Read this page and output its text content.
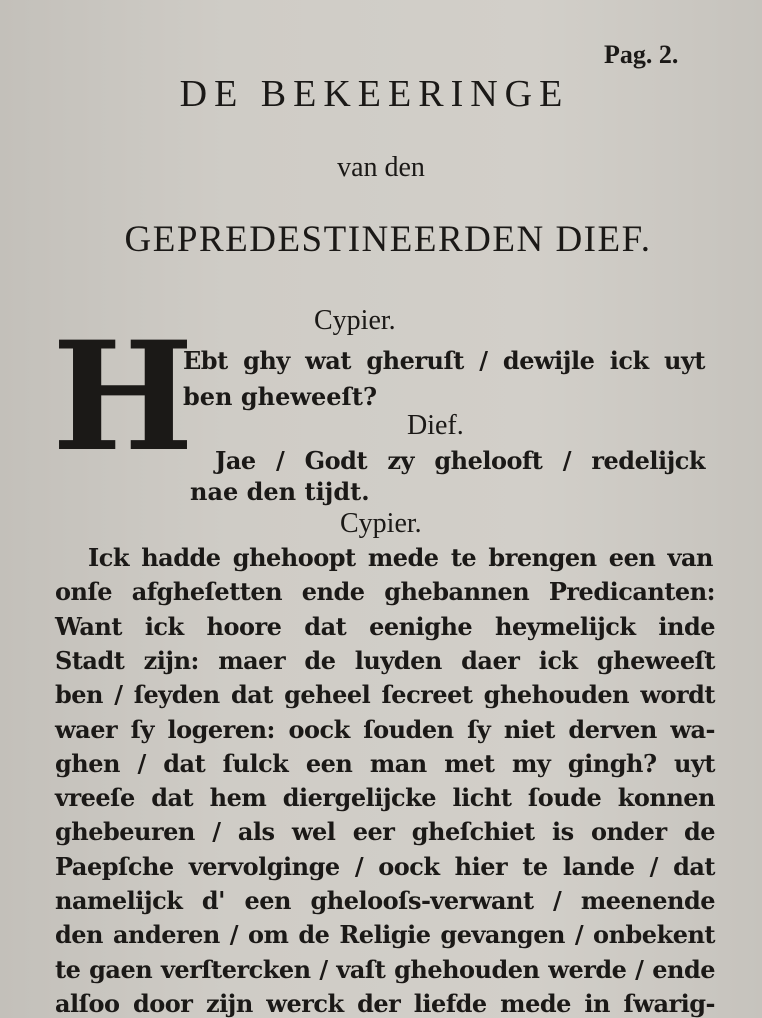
Pag. 2.
DE BEKEERINGE
van den
GEPREDESTINEERDEN DIEF.
Cypier.
H
Ebt ghy wat gheruſt / dewijle ick uyt
ben gheweeſt?
Dief.
Jae / Godt zy ghelooft / redelijck
nae den tijdt.
Cypier.
Ick hadde ghehoopt mede te brengen een van
onſe afgheſetten ende ghebannen Predicanten:
Want ick hoore dat eenighe heymelijck inde
Stadt zijn: maer de luyden daer ick gheweeſt
ben / ſeyden dat geheel ſecreet ghehouden wordt
waer ſy logeren: oock ſouden ſy niet derven wa-
ghen / dat ſulck een man met my gingh? uyt
vreeſe dat hem diergelijcke licht ſoude konnen
ghebeuren / als wel eer gheſchiet is onder de
Paepſche vervolginge / oock hier te lande / dat
namelijck d' een ghelooſs-verwant / meenende
den anderen / om de Religie gevangen / onbekent
te gaen verſtercken / vaſt ghehouden werde / ende
alſoo door zijn werck der liefde mede in ſwarig-
